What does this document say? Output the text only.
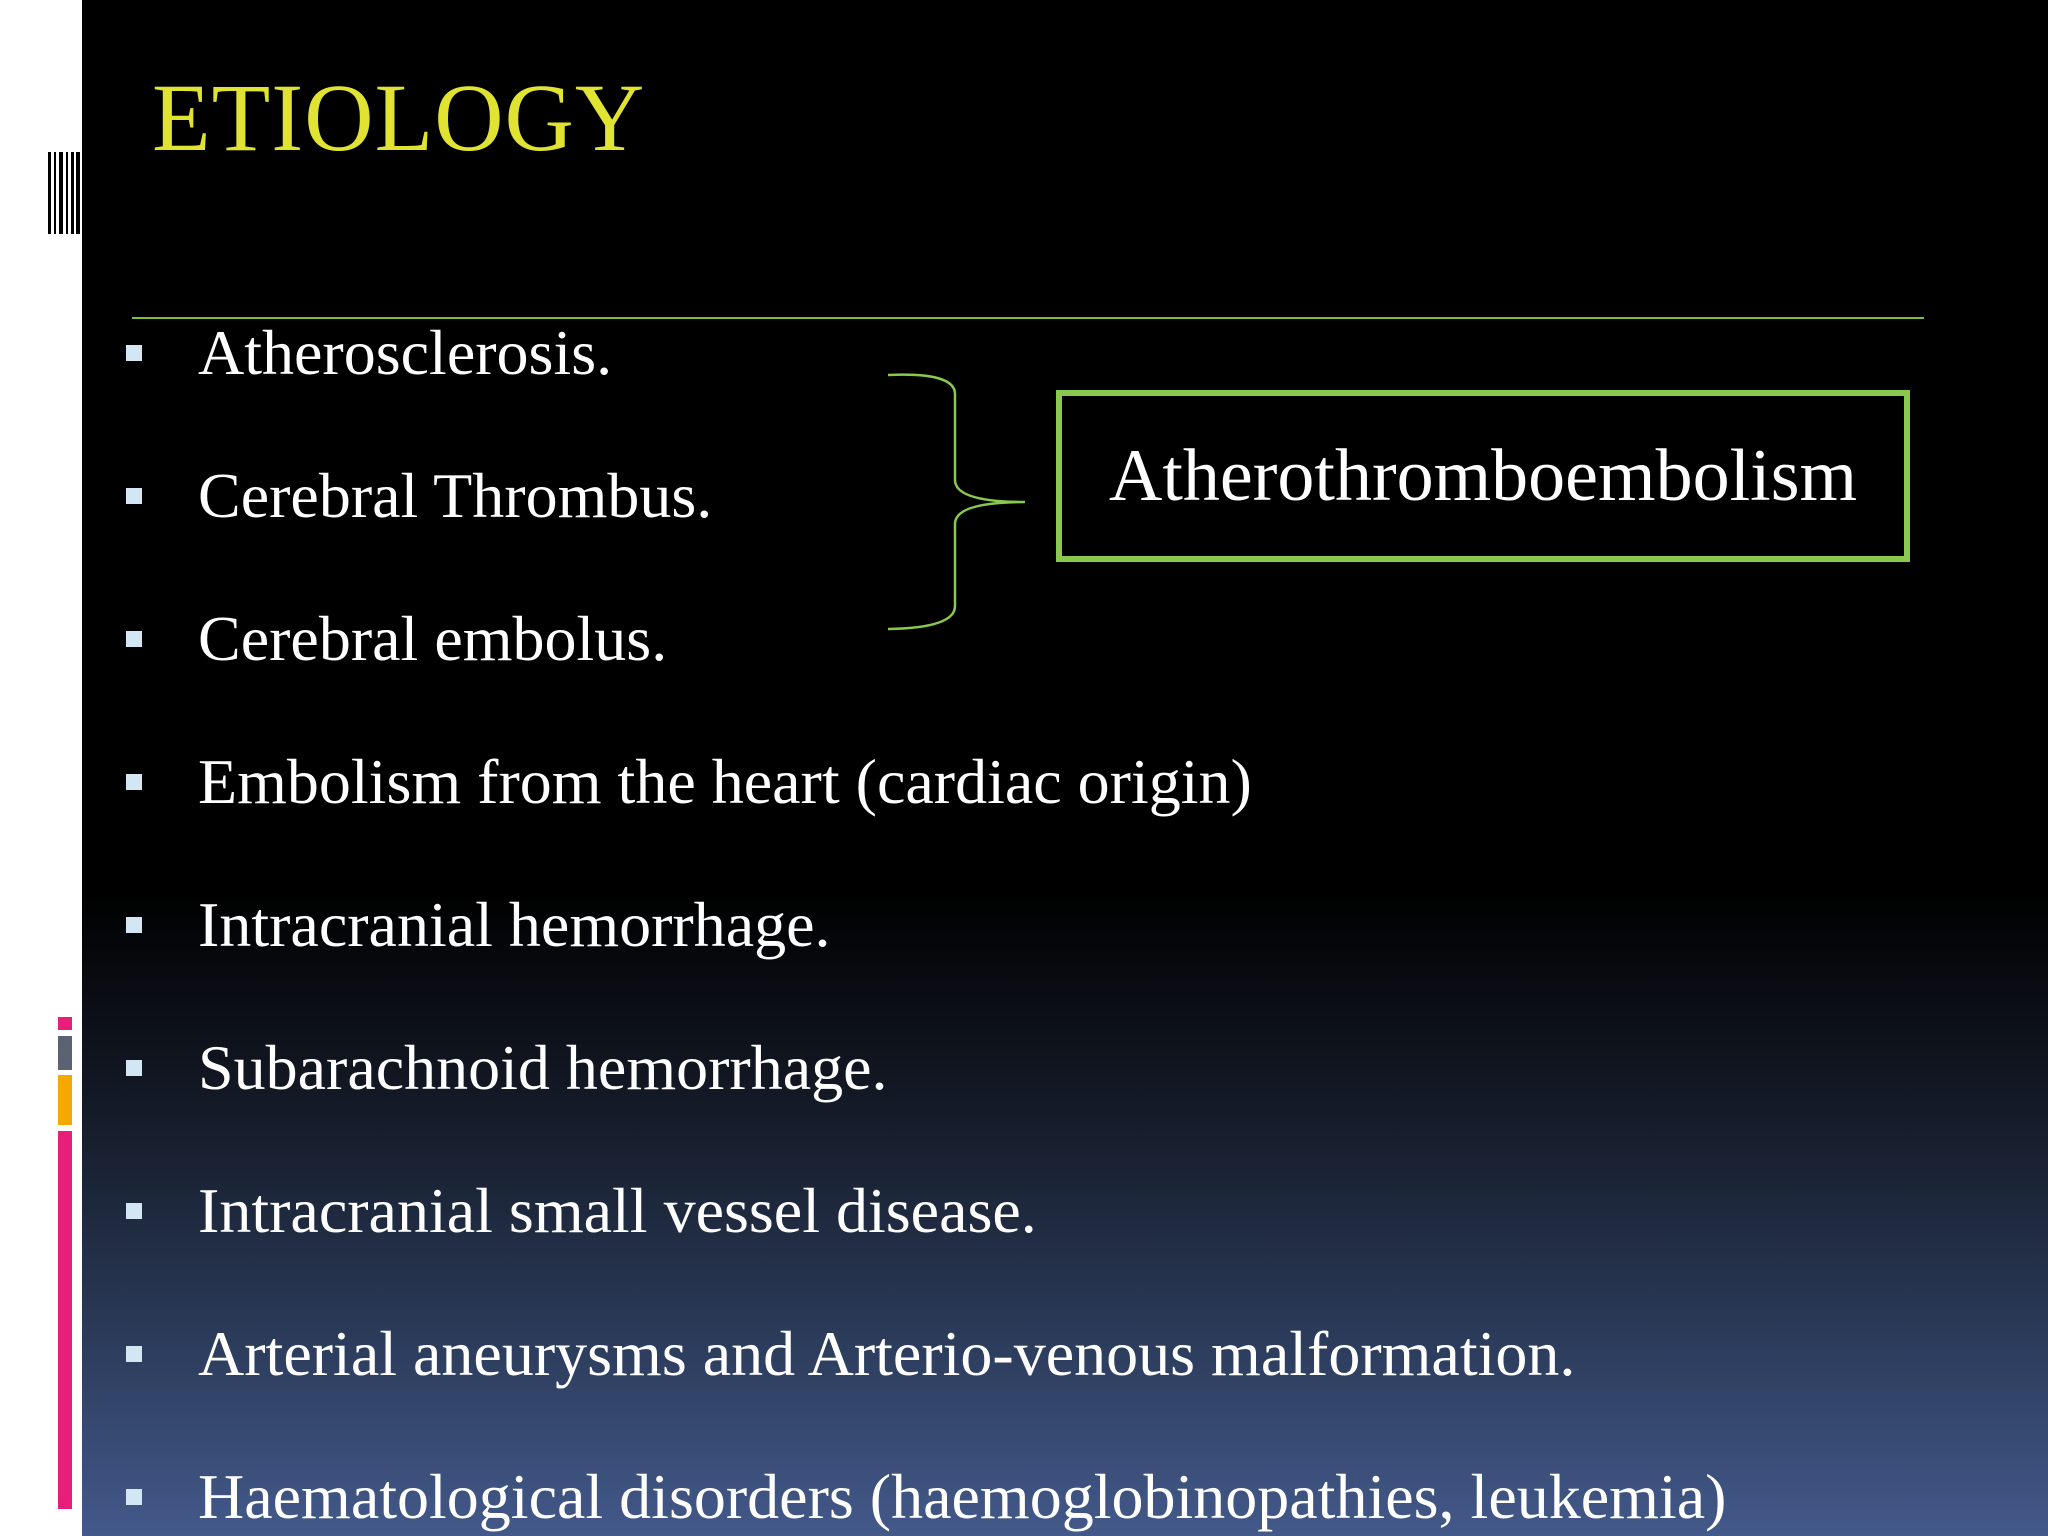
ETIOLOGY
Atherosclerosis.
Cerebral Thrombus.
Cerebral embolus.
Embolism from the heart (cardiac origin)
Intracranial hemorrhage.
Subarachnoid hemorrhage.
Intracranial small vessel disease.
Arterial aneurysms and Arterio-venous malformation.
Haematological disorders (haemoglobinopathies, leukemia)
Atherothromboembolism
